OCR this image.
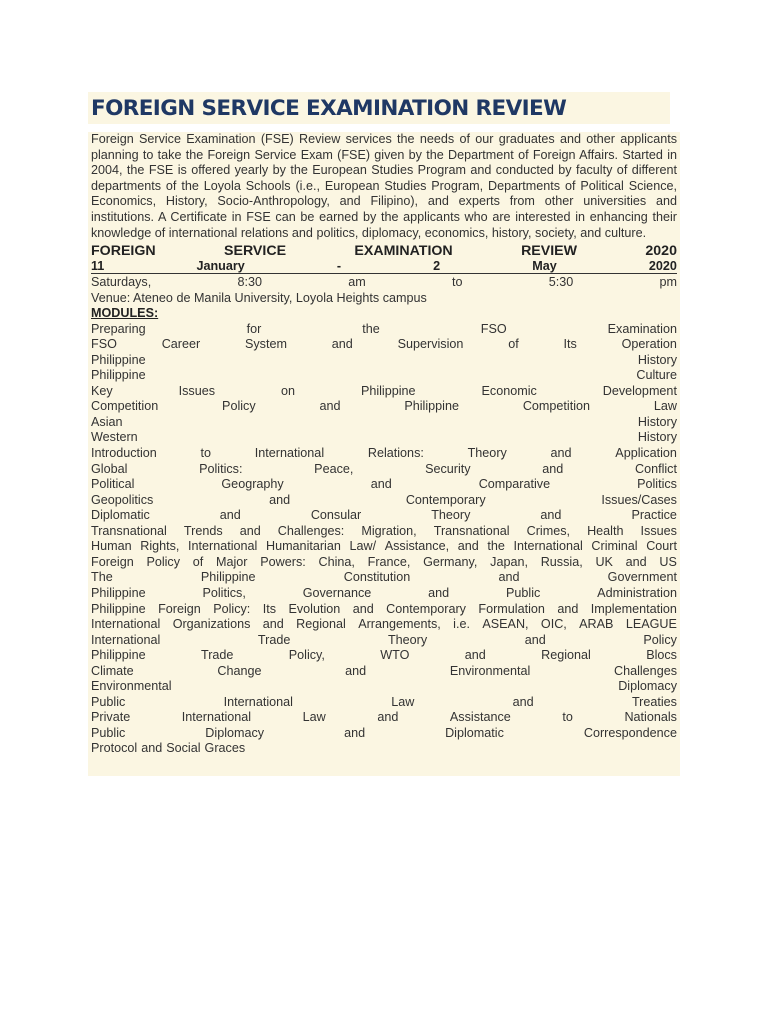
FOREIGN SERVICE EXAMINATION REVIEW

Foreign Service Examination (FSE) Review services the needs of our graduates and other applicants planning to take the Foreign Service Exam (FSE) given by the Department of Foreign Affairs. Started in 2004, the FSE is offered yearly by the European Studies Program and conducted by faculty of different departments of the Loyola Schools (i.e., European Studies Program, Departments of Political Science, Economics, History, Socio-Anthropology, and Filipino), and experts from other universities and institutions. A Certificate in FSE can be earned by the applicants who are interested in enhancing their knowledge of international relations and politics, diplomacy, economics, history, society, and culture.

FOREIGN	SERVICE	EXAMINATION	REVIEW	2020
11	January	-	2	May	2020
Saturdays,	8:30	am	to	5:30	pm
Venue: Ateneo de Manila University, Loyola Heights campus
MODULES:
Preparing	for	the	FSO	Examination
FSO	Career	System	and	Supervision	of	Its	Operation
Philippine	History
Philippine	Culture
Key	Issues	on	Philippine	Economic	Development
Competition	Policy	and	Philippine	Competition	Law
Asian	History
Western	History
Introduction	to	International	Relations:	Theory	and	Application
Global	Politics:	Peace,	Security	and	Conflict
Political	Geography	and	Comparative	Politics
Geopolitics	and	Contemporary	Issues/Cases
Diplomatic	and	Consular	Theory	and	Practice
Transnational Trends and Challenges: Migration, Transnational Crimes, Health Issues
Human Rights, International Humanitarian Law/ Assistance, and the International Criminal Court
Foreign Policy of Major Powers: China, France, Germany, Japan, Russia, UK and US
The	Philippine	Constitution	and	Government
Philippine	Politics,	Governance	and	Public	Administration
Philippine Foreign Policy: Its Evolution and Contemporary Formulation and Implementation
International Organizations and Regional Arrangements, i.e. ASEAN, OIC, ARAB LEAGUE
International	Trade	Theory	and	Policy
Philippine	Trade	Policy,	WTO	and	Regional	Blocs
Climate	Change	and	Environmental	Challenges
Environmental	Diplomacy
Public	International	Law	and	Treaties
Private	International	Law	and	Assistance	to	Nationals
Public	Diplomacy	and	Diplomatic	Correspondence
Protocol and Social Graces
